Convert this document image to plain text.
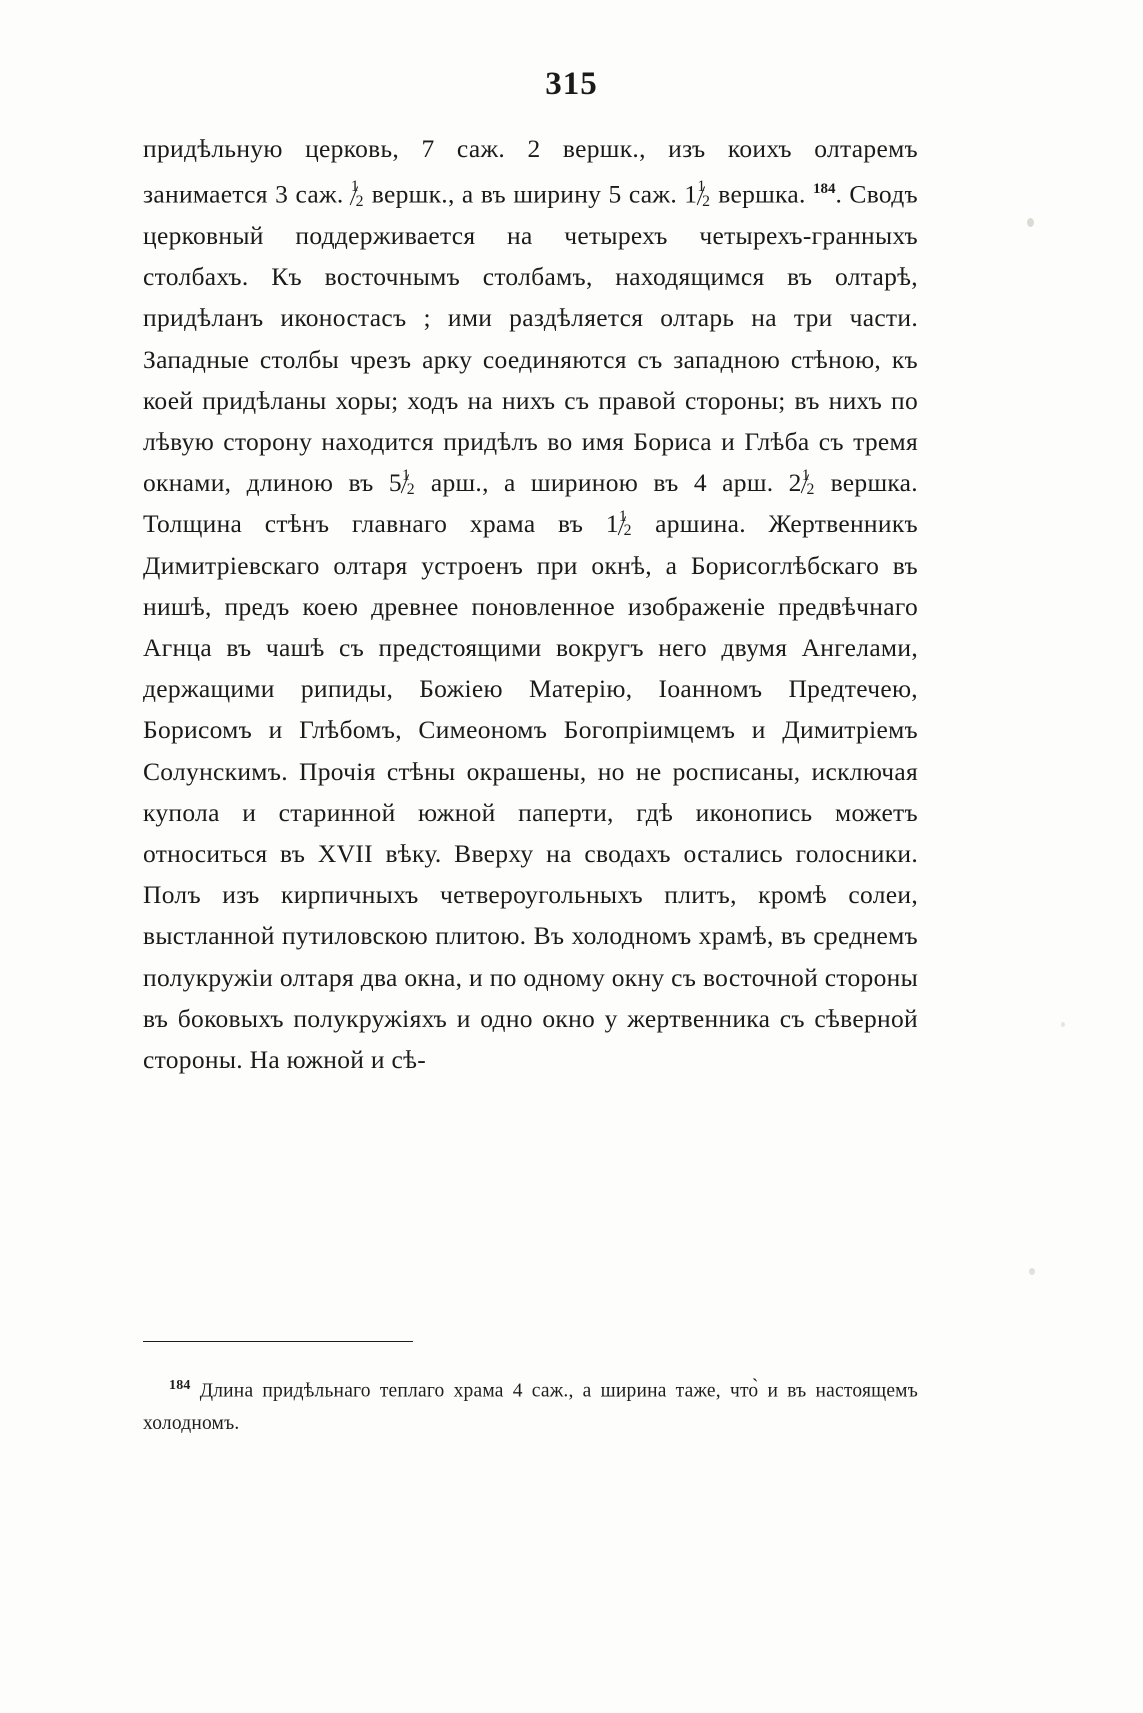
315

придѣльную церковь, 7 саж. 2 вершк., изъ коихъ олтаремъ занимается 3 саж. 1
2 вершк., а въ ширину 5 саж. 1 1
2 вершка. $^{184}$. Сводъ церковный поддерживается на четырехъ четырехъ-гранныхъ столбахъ. Къ восточнымъ столбамъ, находящимся въ олтарѣ, придѣланъ иконостасъ ; ими раздѣляется олтарь на три части. Западные столбы чрезъ арку соединяются съ западною стѣною, къ коей придѣланы хоры; ходъ на нихъ съ правой стороны; въ нихъ по лѣвую сторону находится придѣлъ во имя Бориса и Глѣба съ тремя окнами, длиною въ 5 1
2 арш., а шириною въ 4 арш. 2 1
2 вершка. Толщина стѣнъ главнаго храма въ 1 1
2 аршина. Жертвенникъ Димитріевскаго олтаря устроенъ при окнѣ, а Борисоглѣбскаго въ нишѣ, предъ коею древнее поновленное изображеніе предвѣчнаго Агнца въ чашѣ съ предстоящими вокругъ него двумя Ангелами, держащими рипиды, Божіею Матерію, Іоанномъ Предтечею, Борисомъ и Глѣбомъ, Симеономъ Богопріимцемъ и Димитріемъ Солунскимъ. Прочія стѣны окрашены, но не росписаны, исключая купола и старинной южной паперти, гдѣ иконопись можетъ относиться въ XVII вѣку. Вверху на сводахъ остались голосники. Полъ изъ кирпичныхъ четвероугольныхъ плитъ, кромѣ солеи, выстланной путиловскою плитою. Въ холодномъ храмѣ, въ среднемъ полукружіи олтаря два окна, и по одному окну съ восточной стороны въ боковыхъ полукружіяхъ и одно окно у жертвенника съ сѣверной стороны. На южной и сѣ-

$^{184}$ Длина придѣльнаго теплаго храма 4 саж., а ширина таже, что̀ и въ настоящемъ холодномъ.
